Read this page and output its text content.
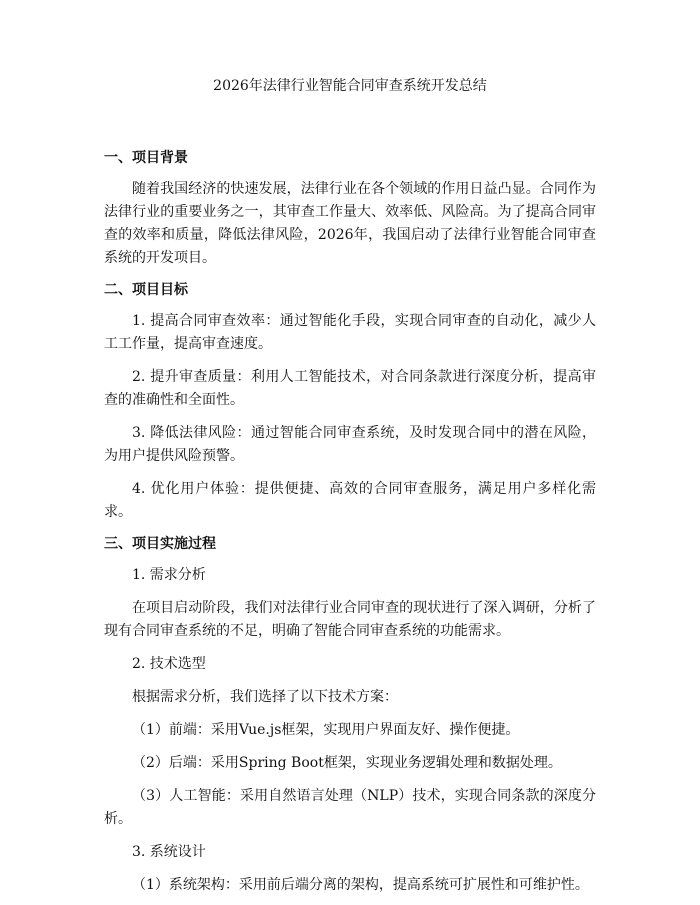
2026年法律行业智能合同审查系统开发总结
一、项目背景
随着我国经济的快速发展，法律行业在各个领域的作用日益凸显。合同作为法律行业的重要业务之一，其审查工作量大、效率低、风险高。为了提高合同审查的效率和质量，降低法律风险，2026年，我国启动了法律行业智能合同审查系统的开发项目。
二、项目目标
1. 提高合同审查效率：通过智能化手段，实现合同审查的自动化，减少人工工作量，提高审查速度。
2. 提升审查质量：利用人工智能技术，对合同条款进行深度分析，提高审查的准确性和全面性。
3. 降低法律风险：通过智能合同审查系统，及时发现合同中的潜在风险，为用户提供风险预警。
4. 优化用户体验：提供便捷、高效的合同审查服务，满足用户多样化需求。
三、项目实施过程
1. 需求分析
在项目启动阶段，我们对法律行业合同审查的现状进行了深入调研，分析了现有合同审查系统的不足，明确了智能合同审查系统的功能需求。
2. 技术选型
根据需求分析，我们选择了以下技术方案：
（1）前端：采用Vue.js框架，实现用户界面友好、操作便捷。
（2）后端：采用Spring Boot框架，实现业务逻辑处理和数据处理。
（3）人工智能：采用自然语言处理（NLP）技术，实现合同条款的深度分析。
3. 系统设计
（1）系统架构：采用前后端分离的架构，提高系统可扩展性和可维护性。
